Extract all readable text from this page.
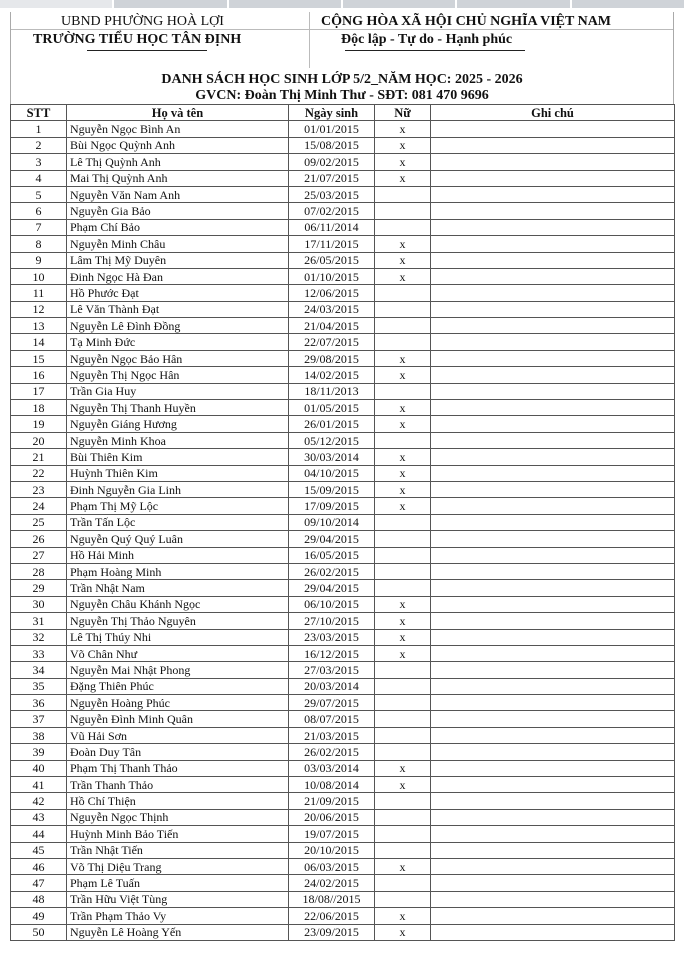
UBND PHƯỜNG HOÀ LỢI
TRƯỜNG TIỂU HỌC TÂN ĐỊNH
CỘNG HÒA XÃ HỘI CHỦ NGHĨA VIỆT NAM
Độc lập - Tự do - Hạnh phúc
DANH SÁCH HỌC SINH LỚP 5/2_NĂM HỌC: 2025 - 2026
GVCN: Đoàn Thị Minh Thư - SĐT: 081 470 9696
STT	Họ và tên	Ngày sinh	Nữ	Ghi chú
1	Nguyễn Ngọc Bình An	01/01/2015	x	
2	Bùi Ngọc Quỳnh Anh	15/08/2015	x	
3	Lê Thị Quỳnh Anh	09/02/2015	x	
4	Mai Thị Quỳnh Anh	21/07/2015	x	
5	Nguyễn Văn Nam Anh	25/03/2015		
6	Nguyễn Gia Bảo	07/02/2015		
7	Phạm Chí Bảo	06/11/2014		
8	Nguyễn Minh Châu	17/11/2015	x	
9	Lâm Thị Mỹ Duyên	26/05/2015	x	
10	Đinh Ngọc Hà Đan	01/10/2015	x	
11	Hồ Phước Đạt	12/06/2015		
12	Lê Văn Thành Đạt	24/03/2015		
13	Nguyễn Lê Đình Đồng	21/04/2015		
14	Tạ Minh Đức	22/07/2015		
15	Nguyễn Ngọc Bảo Hân	29/08/2015	x	
16	Nguyễn Thị Ngọc Hân	14/02/2015	x	
17	Trần Gia Huy	18/11/2013		
18	Nguyễn Thị Thanh Huyền	01/05/2015	x	
19	Nguyễn Giáng Hương	26/01/2015	x	
20	Nguyễn Minh Khoa	05/12/2015		
21	Bùi Thiên Kim	30/03/2014	x	
22	Huỳnh Thiên Kim	04/10/2015	x	
23	Đinh Nguyễn Gia Linh	15/09/2015	x	
24	Phạm Thị Mỹ Lộc	17/09/2015	x	
25	Trần Tấn Lộc	09/10/2014		
26	Nguyễn Quý Quý Luân	29/04/2015		
27	Hồ Hải Minh	16/05/2015		
28	Phạm Hoàng Minh	26/02/2015		
29	Trần Nhật Nam	29/04/2015		
30	Nguyễn Châu Khánh Ngọc	06/10/2015	x	
31	Nguyễn Thị Thảo Nguyên	27/10/2015	x	
32	Lê Thị Thúy Nhi	23/03/2015	x	
33	Võ Chân Như	16/12/2015	x	
34	Nguyễn Mai Nhật Phong	27/03/2015		
35	Đặng Thiên Phúc	20/03/2014		
36	Nguyễn Hoàng Phúc	29/07/2015		
37	Nguyễn Đình Minh Quân	08/07/2015		
38	Vũ Hải Sơn	21/03/2015		
39	Đoàn Duy Tân	26/02/2015		
40	Phạm Thị Thanh Thảo	03/03/2014	x	
41	Trần Thanh Thảo	10/08/2014	x	
42	Hồ Chí Thiện	21/09/2015		
43	Nguyễn Ngọc Thịnh	20/06/2015		
44	Huỳnh Minh Bảo Tiến	19/07/2015		
45	Trần Nhật Tiến	20/10/2015		
46	Võ Thị Diệu Trang	06/03/2015	x	
47	Phạm Lê Tuấn	24/02/2015		
48	Trần Hữu Việt Tùng	18/08//2015		
49	Trần Phạm Thảo Vy	22/06/2015	x	
50	Nguyễn Lê Hoàng Yến	23/09/2015	x	
